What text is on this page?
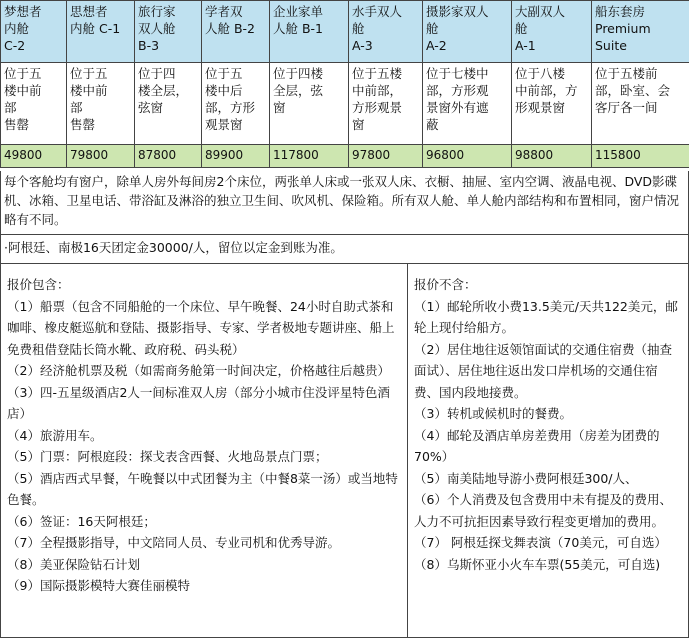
梦想者
内舱
C-2	思想者
内舱 C-1	旅行家
双人舱
B-3	学者双
人舱 B-2	企业家单
人舱 B-1	水手双人
舱
A-3	摄影家双人
舱
A-2	大副双人
舱
A-1	船东套房
Premium
Suite

位于五
楼中前
部
售罄	位于五
楼中前
部
售罄	位于四
楼全层，
弦窗	位于五
楼中后
部，方形
观景窗	位于四楼
全层，弦
窗	位于五楼
中前部，
方形观景
窗	位于七楼中
部，方形观
景窗外有遮
蔽	位于八楼
中前部，方
形观景窗	位于五楼前
部，卧室、会
客厅各一间

49800	79800	87800	89900	117800	97800	96800	98800	115800
每个客舱均有窗户，除单人房外每间房2个床位，两张单人床或一张双人床、衣橱、抽屉、室内空调、液晶电视、DVD影碟机、冰箱、卫星电话、带浴缸及淋浴的独立卫生间、吹风机、保险箱。所有双人舱、单人舱内部结构和布置相同，窗户情况略有不同。
·阿根廷、南极16天团定金30000/人，留位以定金到账为准。
报价包含：
（1）船票（包含不同船舱的一个床位、早午晚餐、24小时自助式茶和咖啡、橡皮艇巡航和登陆、摄影指导、专家、学者极地专题讲座、船上免费租借登陆长筒水靴、政府税、码头税）
（2）经济舱机票及税（如需商务舱第一时间决定，价格越往后越贵）
（3）四-五星级酒店2人一间标准双人房（部分小城市住没评星特色酒店）
（4）旅游用车。
（5）门票：阿根庭段：探戈表含西餐、火地岛景点门票；
（5）酒店西式早餐，午晚餐以中式团餐为主（中餐8菜一汤）或当地特色餐。
（6）签证：16天阿根廷；
（7）全程摄影指导，中文陪同人员、专业司机和优秀导游。
（8）美亚保险钻石计划
（9）国际摄影模特大赛佳丽模特
报价不含：
（1）邮轮所收小费13.5美元/天共122美元，邮轮上现付给船方。
（2）居住地往返领馆面试的交通住宿费（抽查面试）、居住地往返出发口岸机场的交通住宿费、国内段地接费。
（3）转机或候机时的餐费。
（4）邮轮及酒店单房差费用（房差为团费的70%）
（5）南美陆地导游小费阿根廷300/人、
（6）个人消费及包含费用中未有提及的费用、人力不可抗拒因素导致行程变更增加的费用。
（7） 阿根廷探戈舞表演（70美元，可自选）
（8）乌斯怀亚小火车车票(55美元，可自选)
